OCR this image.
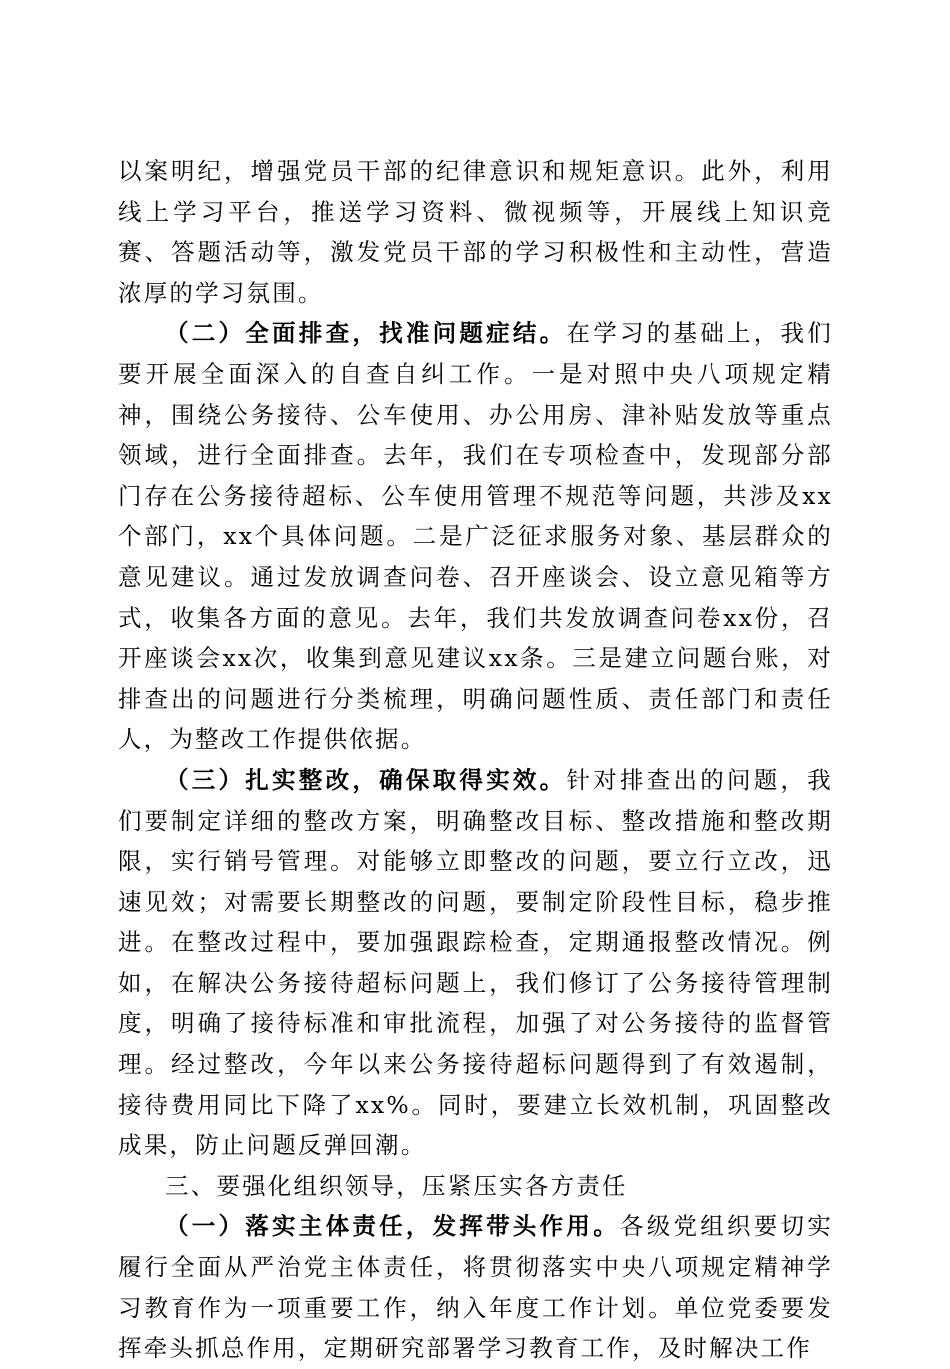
以案明纪，增强党员干部的纪律意识和规矩意识。此外，利用线上学习平台，推送学习资料、微视频等，开展线上知识竞赛、答题活动等，激发党员干部的学习积极性和主动性，营造浓厚的学习氛围。

（二）全面排查，找准问题症结。在学习的基础上，我们要开展全面深入的自查自纠工作。一是对照中央八项规定精神，围绕公务接待、公车使用、办公用房、津补贴发放等重点领域，进行全面排查。去年，我们在专项检查中，发现部分部门存在公务接待超标、公车使用管理不规范等问题，共涉及xx个部门，xx个具体问题。二是广泛征求服务对象、基层群众的意见建议。通过发放调查问卷、召开座谈会、设立意见箱等方式，收集各方面的意见。去年，我们共发放调查问卷xx份，召开座谈会xx次，收集到意见建议xx条。三是建立问题台账，对排查出的问题进行分类梳理，明确问题性质、责任部门和责任人，为整改工作提供依据。

（三）扎实整改，确保取得实效。针对排查出的问题，我们要制定详细的整改方案，明确整改目标、整改措施和整改期限，实行销号管理。对能够立即整改的问题，要立行立改，迅速见效；对需要长期整改的问题，要制定阶段性目标，稳步推进。在整改过程中，要加强跟踪检查，定期通报整改情况。例如，在解决公务接待超标问题上，我们修订了公务接待管理制度，明确了接待标准和审批流程，加强了对公务接待的监督管理。经过整改，今年以来公务接待超标问题得到了有效遏制，接待费用同比下降了xx%。同时，要建立长效机制，巩固整改成果，防止问题反弹回潮。

三、要强化组织领导，压紧压实各方责任

（一）落实主体责任，发挥带头作用。各级党组织要切实履行全面从严治党主体责任，将贯彻落实中央八项规定精神学习教育作为一项重要工作，纳入年度工作计划。单位党委要发挥牵头抓总作用，定期研究部署学习教育工作，及时解决工作
